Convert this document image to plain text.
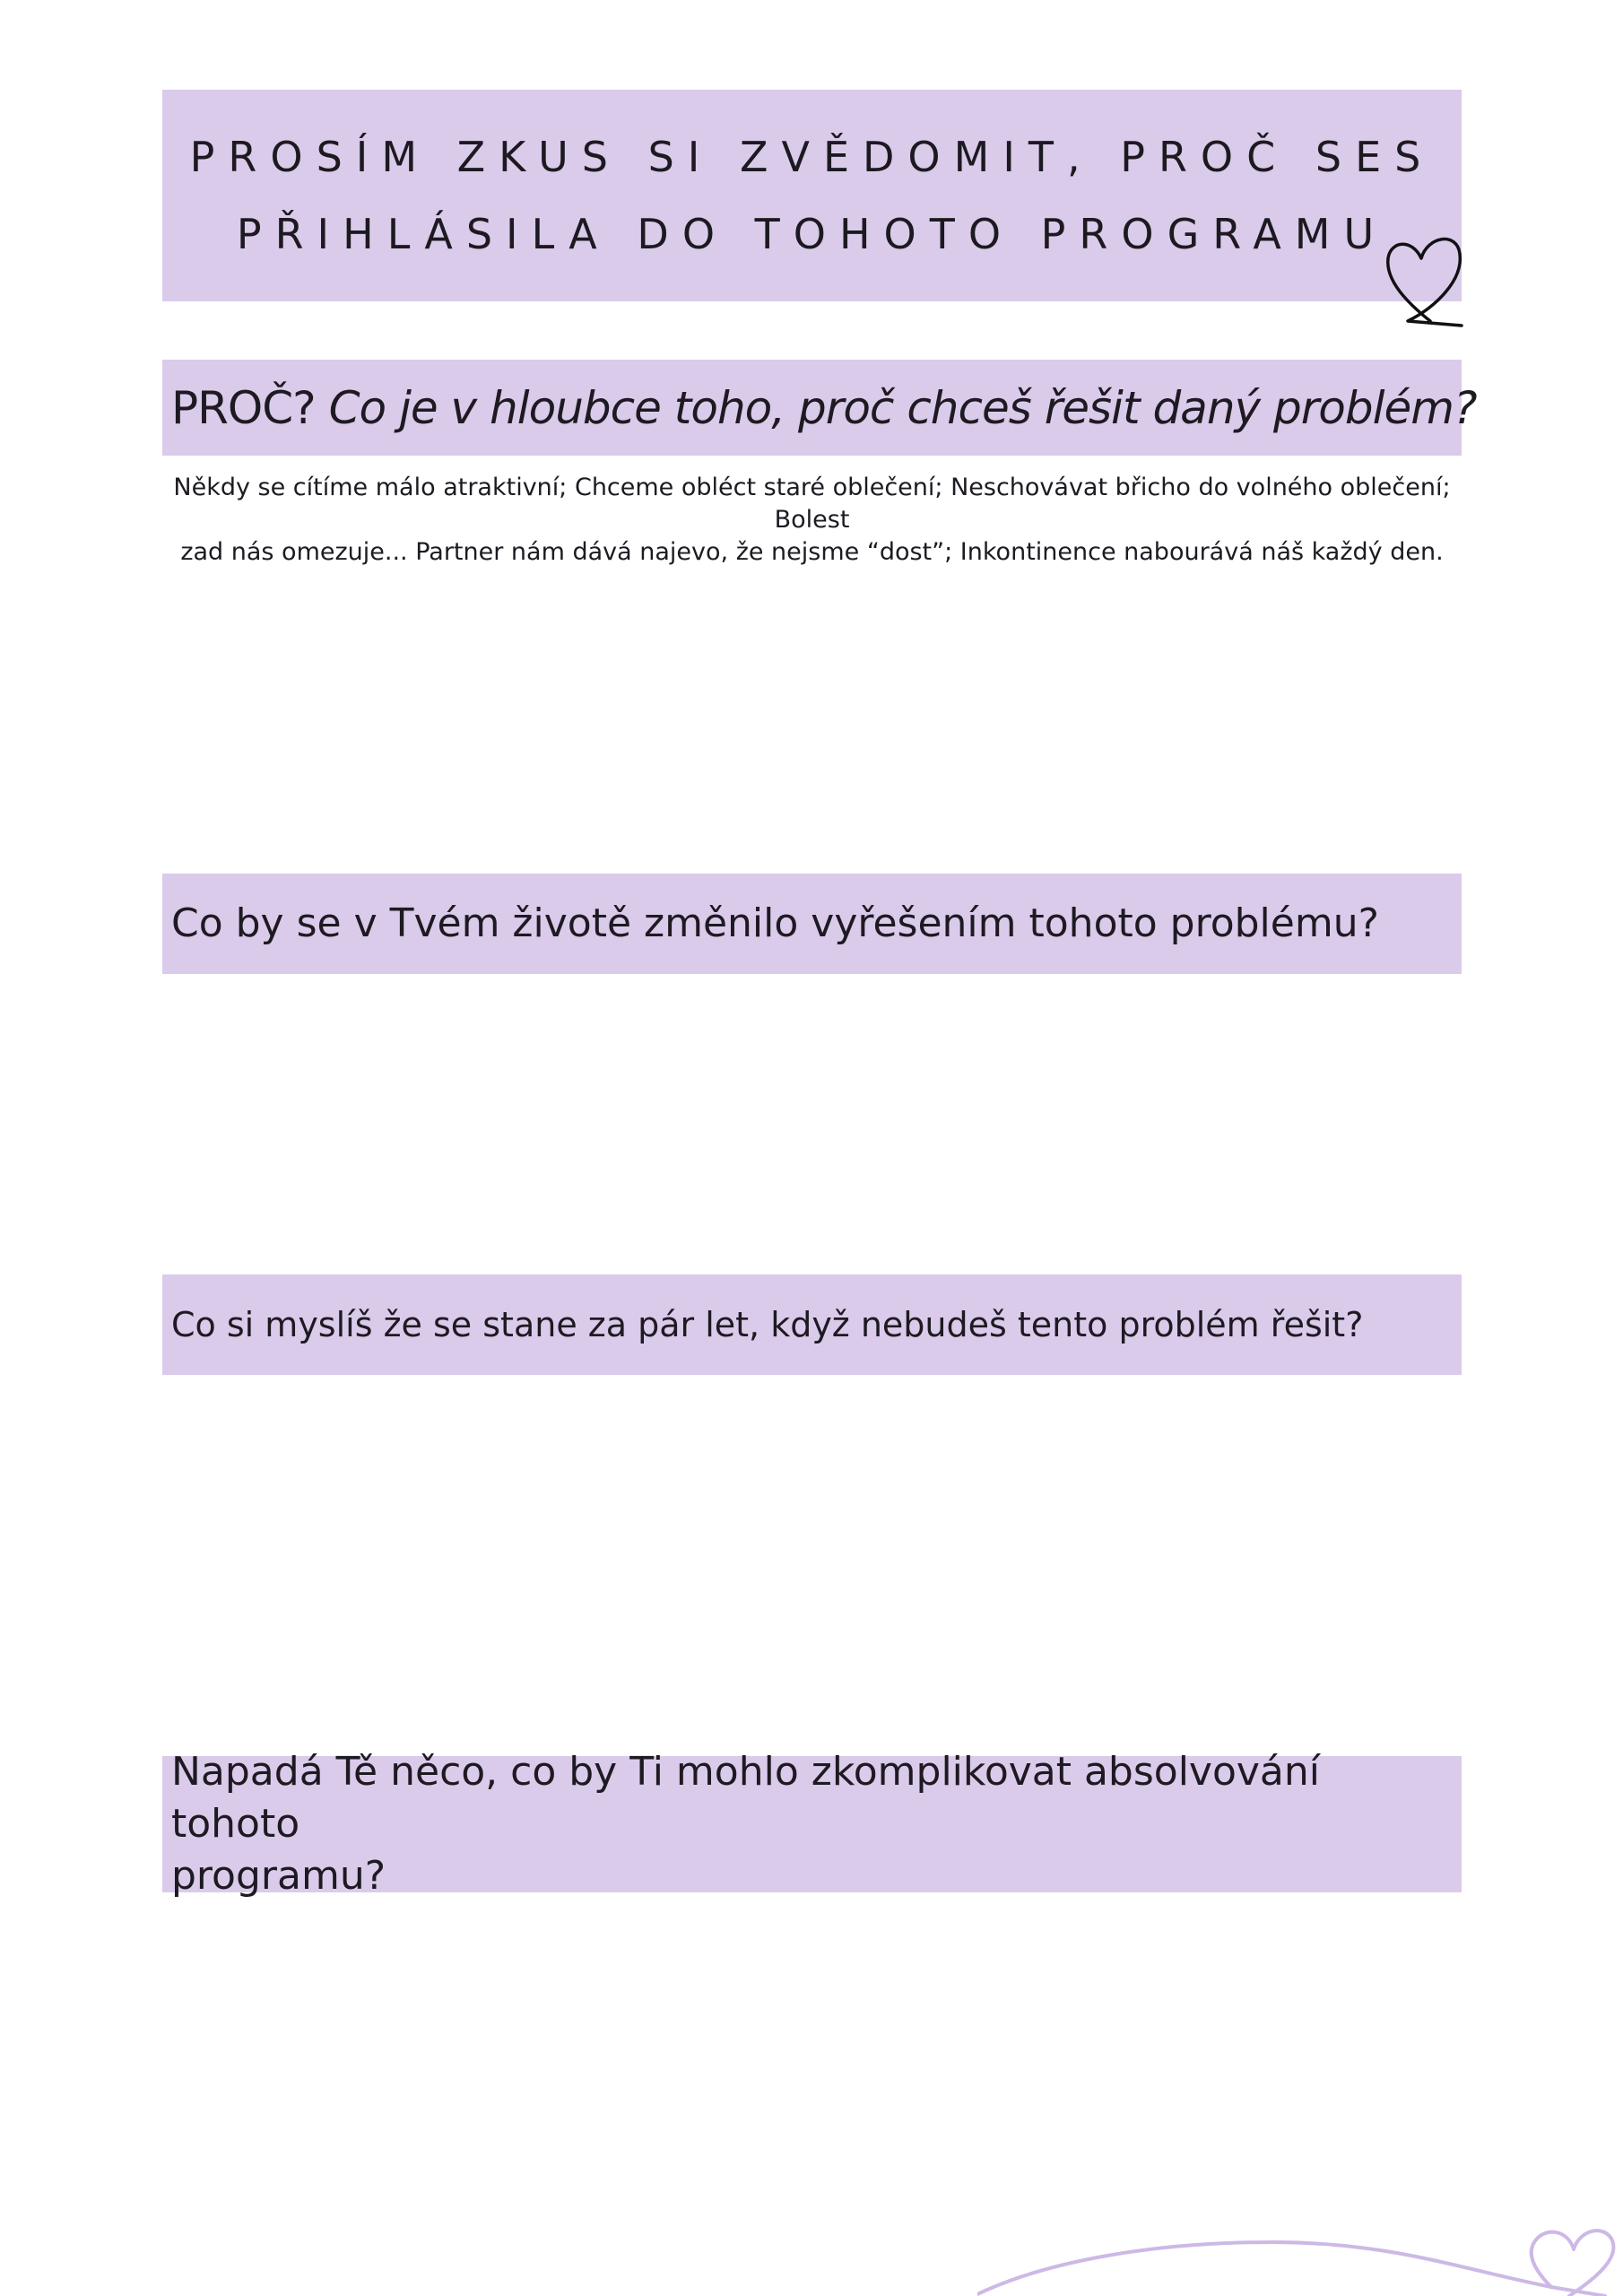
PROSÍM ZKUS SI ZVĚDOMIT, PROČ SES
PŘIHLÁSILA DO TOHOTO PROGRAMU
PROČ? Co je v hloubce toho, proč chceš řešit daný problém?
Někdy se cítíme málo atraktivní; Chceme obléct staré oblečení; Neschovávat břicho do volného oblečení; Bolest
zad nás omezuje... Partner nám dává najevo, že nejsme “dost”; Inkontinence nabourává náš každý den.
Co by se v Tvém životě změnilo vyřešením tohoto problému?
Co si myslíš že se stane za pár let, když nebudeš tento problém řešit?
Napadá Tě něco, co by Ti mohlo zkomplikovat absolvování tohoto
programu?
